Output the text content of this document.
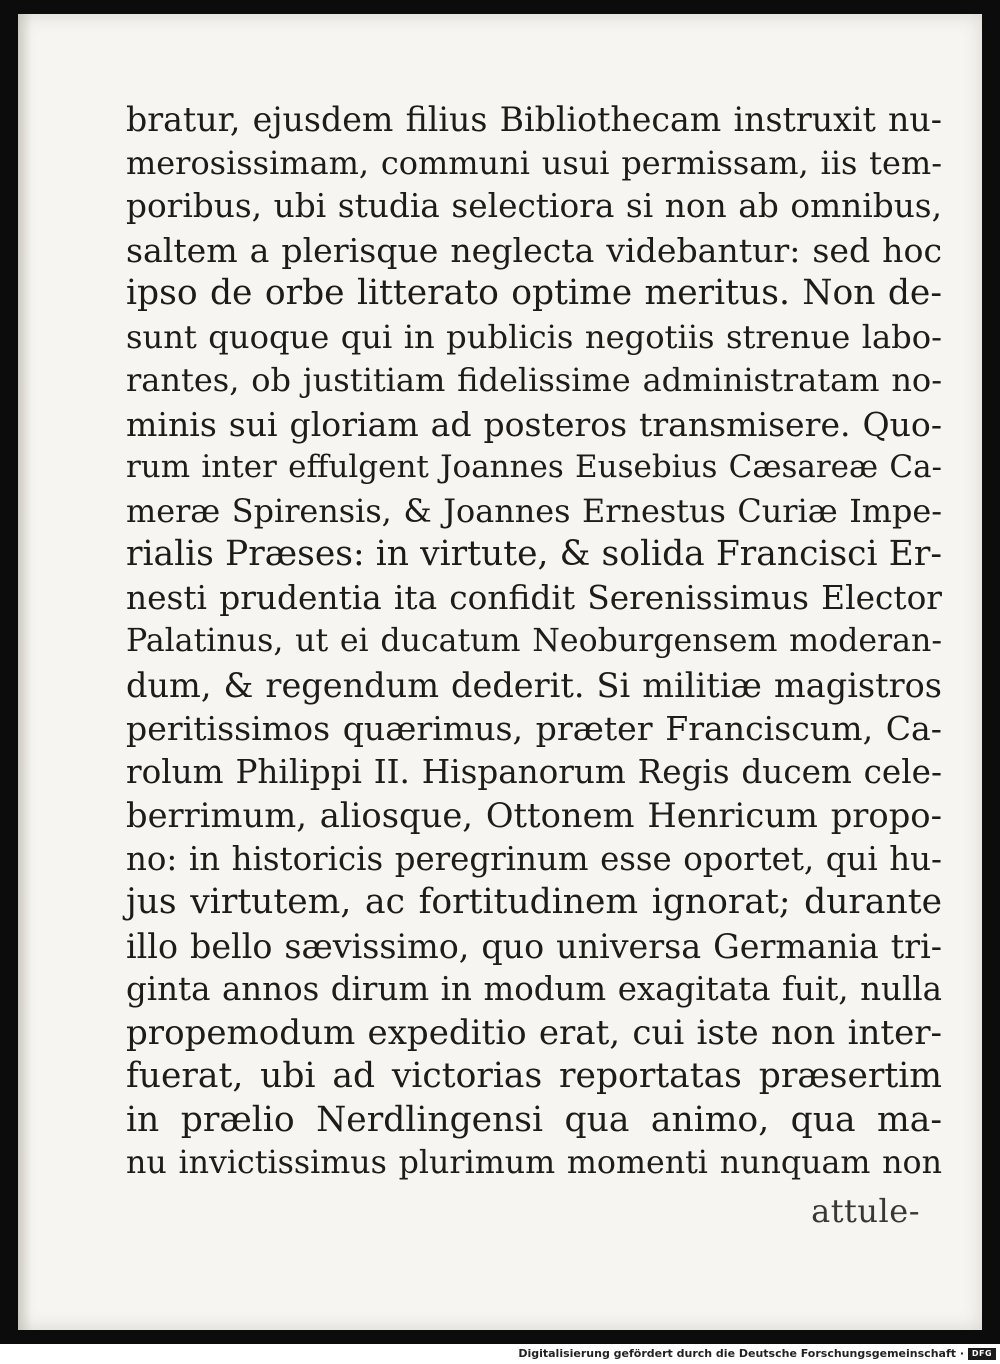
bratur, ejusdem filius Bibliothecam instruxit nu-
merosissimam, communi usui permissam, iis tem-
poribus, ubi studia selectiora si non ab omnibus,
saltem a plerisque neglecta videbantur: sed hoc
ipso de orbe litterato optime meritus. Non de-
sunt quoque qui in publicis negotiis strenue labo-
rantes, ob justitiam fidelissime administratam no-
minis sui gloriam ad posteros transmisere. Quo-
rum inter effulgent Joannes Eusebius Cæsareæ Ca-
meræ Spirensis, & Joannes Ernestus Curiæ Impe-
rialis Præses: in virtute, & solida Francisci Er-
nesti prudentia ita confidit Serenissimus Elector
Palatinus, ut ei ducatum Neoburgensem moderan-
dum, & regendum dederit. Si militiæ magistros
peritissimos quærimus, præter Franciscum, Ca-
rolum Philippi II. Hispanorum Regis ducem cele-
berrimum, aliosque, Ottonem Henricum propo-
no: in historicis peregrinum esse oportet, qui hu-
jus virtutem, ac fortitudinem ignorat; durante
illo bello sævissimo, quo universa Germania tri-
ginta annos dirum in modum exagitata fuit, nulla
propemodum expeditio erat, cui iste non inter-
fuerat, ubi ad victorias reportatas præsertim
in prælio Nerdlingensi qua animo, qua ma-
nu invictissimus plurimum momenti nunquam non
attule-
Digitalisierung gefördert durch die Deutsche Forschungsgemeinschaft · DFG
